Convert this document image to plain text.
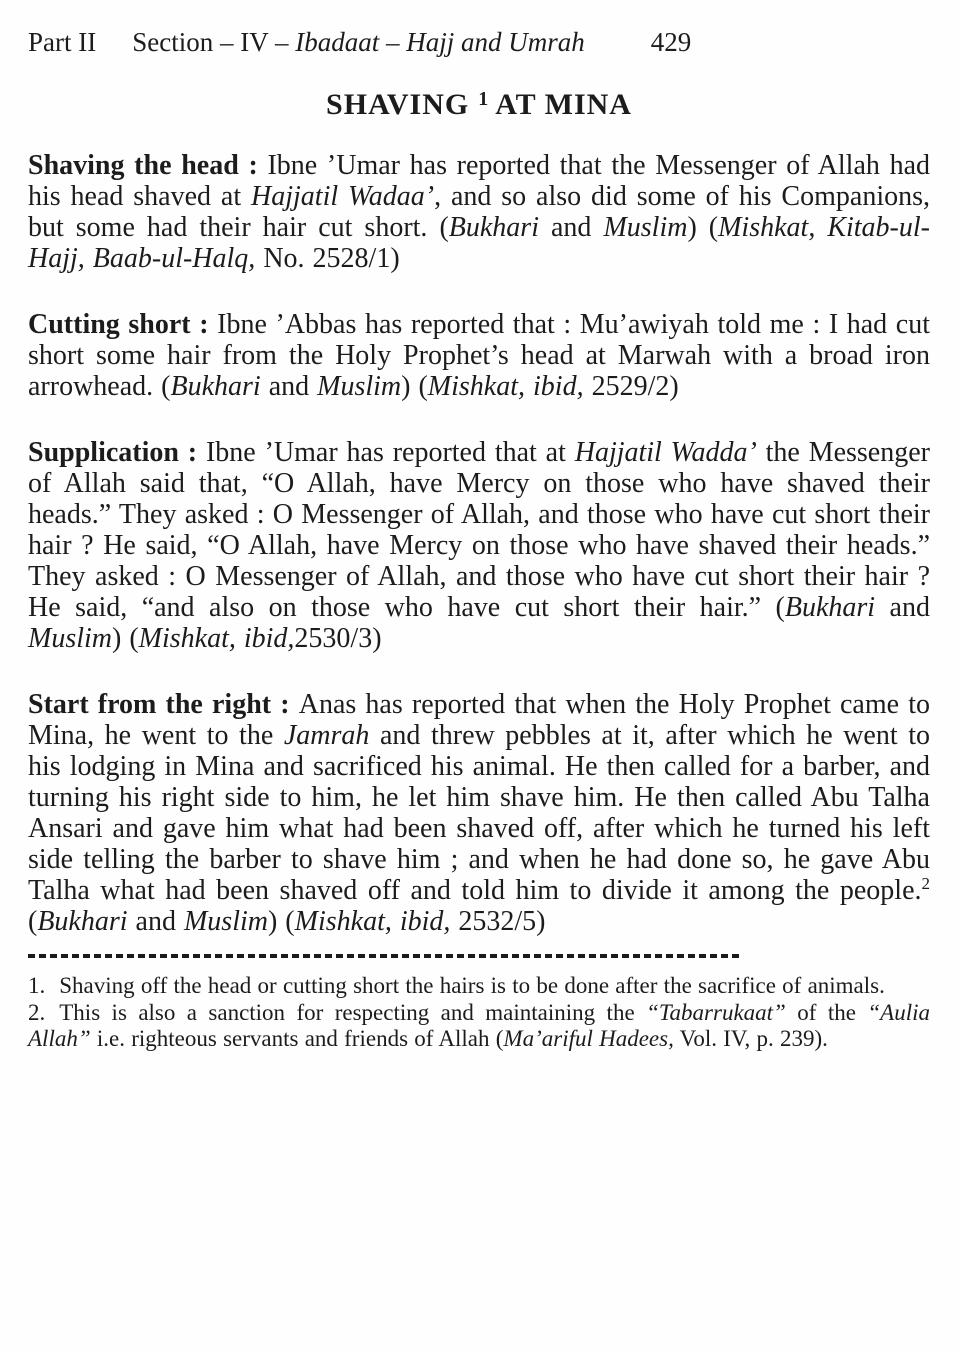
Part II Section – IV – Ibadaat – Hajj and Umrah 429
SHAVING $^1$ AT MINA

Shaving the head : Ibne ’Umar has reported that the Messenger of Allah had his head shaved at Hajjatil Wadaa’, and so also did some of his Companions, but some had their hair cut short. (Bukhari and Muslim) (Mishkat, Kitab-ul-Hajj, Baab-ul-Halq, No. 2528/1)

Cutting short : Ibne ’Abbas has reported that : Mu’awiyah told me : I had cut short some hair from the Holy Prophet’s head at Marwah with a broad iron arrowhead. (Bukhari and Muslim) (Mishkat, ibid, 2529/2)

Supplication : Ibne ’Umar has reported that at Hajjatil Wadda’ the Messenger of Allah said that, “O Allah, have Mercy on those who have shaved their heads.” They asked : O Messenger of Allah, and those who have cut short their hair ? He said, “O Allah, have Mercy on those who have shaved their heads.” They asked : O Messenger of Allah, and those who have cut short their hair ? He said, “and also on those who have cut short their hair.” (Bukhari and Muslim) (Mishkat, ibid,2530/3)

Start from the right : Anas has reported that when the Holy Prophet came to Mina, he went to the Jamrah and threw pebbles at it, after which he went to his lodging in Mina and sacrificed his animal. He then called for a barber, and turning his right side to him, he let him shave him. He then called Abu Talha Ansari and gave him what had been shaved off, after which he turned his left side telling the barber to shave him ; and when he had done so, he gave Abu Talha what had been shaved off and told him to divide it among the people.$^2$ (Bukhari and Muslim) (Mishkat, ibid, 2532/5)

1. Shaving off the head or cutting short the hairs is to be done after the sacrifice of animals.

2. This is also a sanction for respecting and maintaining the “Tabarrukaat” of the “Aulia Allah” i.e. righteous servants and friends of Allah (Ma’ariful Hadees, Vol. IV, p. 239).
